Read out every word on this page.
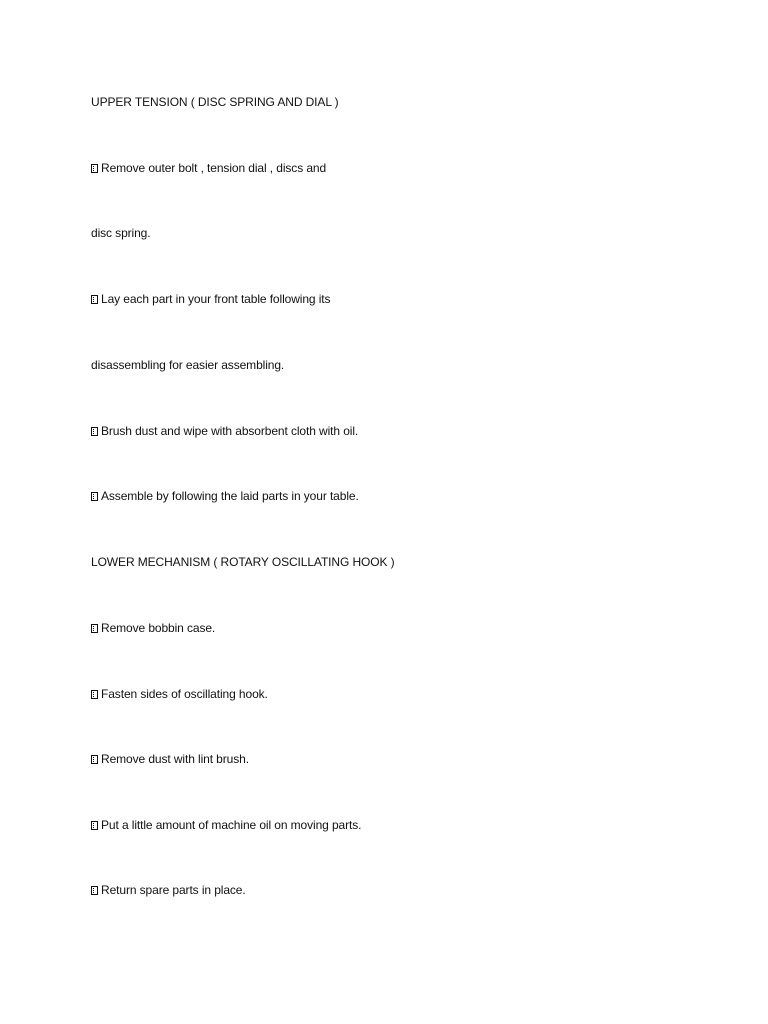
UPPER TENSION ( DISC SPRING AND DIAL )
Remove outer bolt , tension dial , discs and
disc spring.
Lay each part in your front table following its
disassembling for easier assembling.
Brush dust and wipe with absorbent cloth with oil.
Assemble by following the laid parts in your table.
LOWER MECHANISM ( ROTARY OSCILLATING HOOK )
Remove bobbin case.
Fasten sides of oscillating hook.
Remove dust with lint brush.
Put a little amount of machine oil on moving parts.
Return spare parts in place.
